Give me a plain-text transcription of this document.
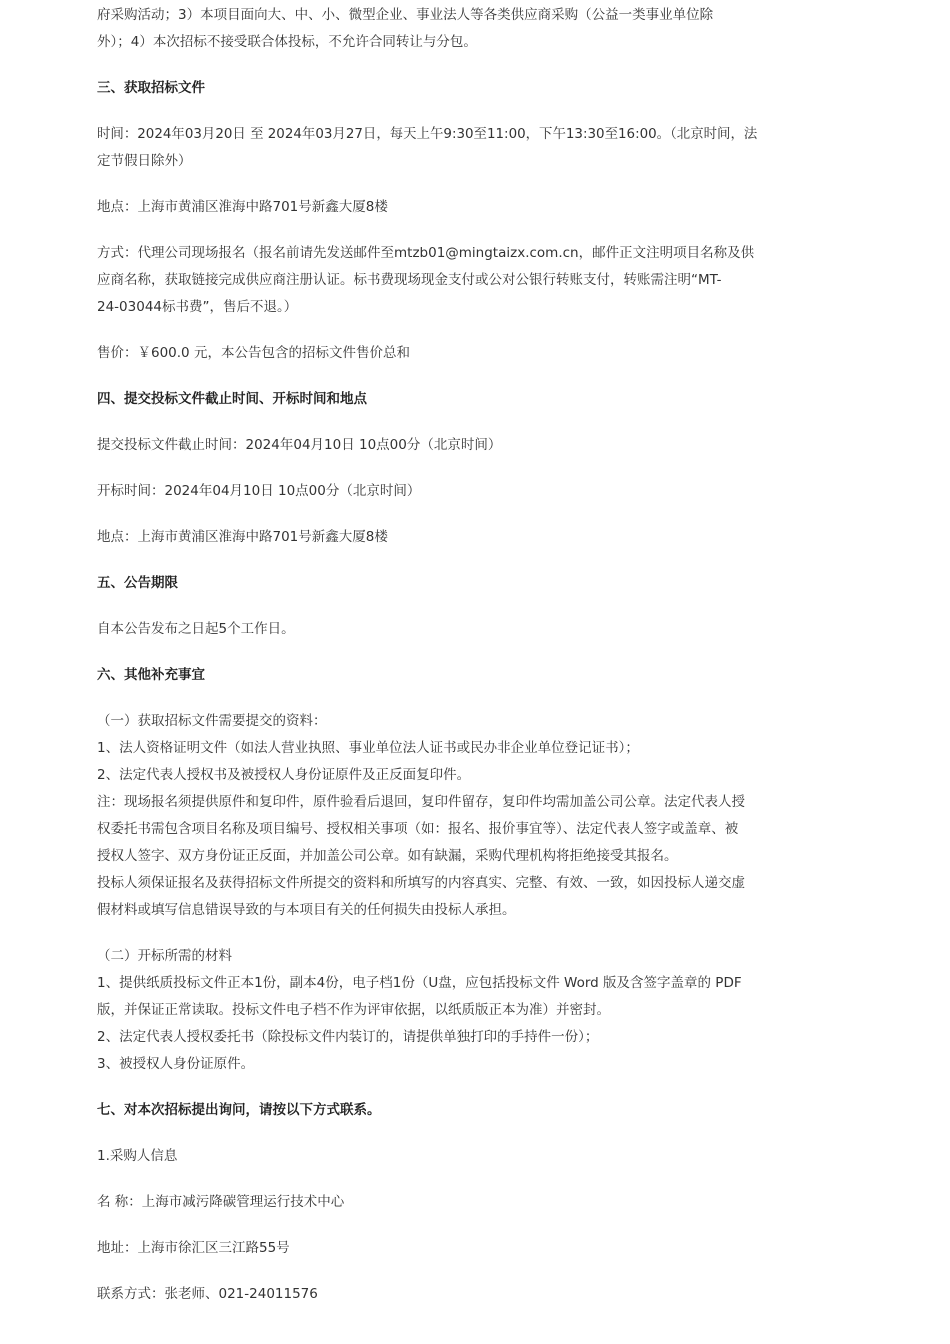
府采购活动；3）本项目面向大、中、小、微型企业、事业法人等各类供应商采购（公益一类事业单位除

外）；4）本次招标不接受联合体投标，不允许合同转让与分包。

三、获取招标文件

时间：2024年03月20日 至 2024年03月27日，每天上午9:30至11:00，下午13:30至16:00。（北京时间，法

定节假日除外）

地点：上海市黄浦区淮海中路701号新鑫大厦8楼

方式：代理公司现场报名（报名前请先发送邮件至mtzb01@mingtaizx.com.cn，邮件正文注明项目名称及供

应商名称，获取链接完成供应商注册认证。标书费现场现金支付或公对公银行转账支付，转账需注明“MT-

24-03044标书费”，售后不退。）

售价：￥600.0 元，本公告包含的招标文件售价总和

四、提交投标文件截止时间、开标时间和地点

提交投标文件截止时间：2024年04月10日 10点00分（北京时间）

开标时间：2024年04月10日 10点00分（北京时间）

地点：上海市黄浦区淮海中路701号新鑫大厦8楼

五、公告期限

自本公告发布之日起5个工作日。

六、其他补充事宜

（一）获取招标文件需要提交的资料：

1、法人资格证明文件（如法人营业执照、事业单位法人证书或民办非企业单位登记证书）；

2、法定代表人授权书及被授权人身份证原件及正反面复印件。

注：现场报名须提供原件和复印件，原件验看后退回，复印件留存，复印件均需加盖公司公章。法定代表人授

权委托书需包含项目名称及项目编号、授权相关事项（如：报名、报价事宜等）、法定代表人签字或盖章、被

授权人签字、双方身份证正反面，并加盖公司公章。如有缺漏，采购代理机构将拒绝接受其报名。

投标人须保证报名及获得招标文件所提交的资料和所填写的内容真实、完整、有效、一致，如因投标人递交虚

假材料或填写信息错误导致的与本项目有关的任何损失由投标人承担。

（二）开标所需的材料

1、提供纸质投标文件正本1份，副本4份，电子档1份（U盘，应包括投标文件 Word 版及含签字盖章的 PDF

版，并保证正常读取。投标文件电子档不作为评审依据，以纸质版正本为准）并密封。

2、法定代表人授权委托书（除投标文件内装订的，请提供单独打印的手持件一份）；

3、被授权人身份证原件。

七、对本次招标提出询问，请按以下方式联系。

1.采购人信息

名 称：上海市减污降碳管理运行技术中心

地址：上海市徐汇区三江路55号

联系方式：张老师、021-24011576
